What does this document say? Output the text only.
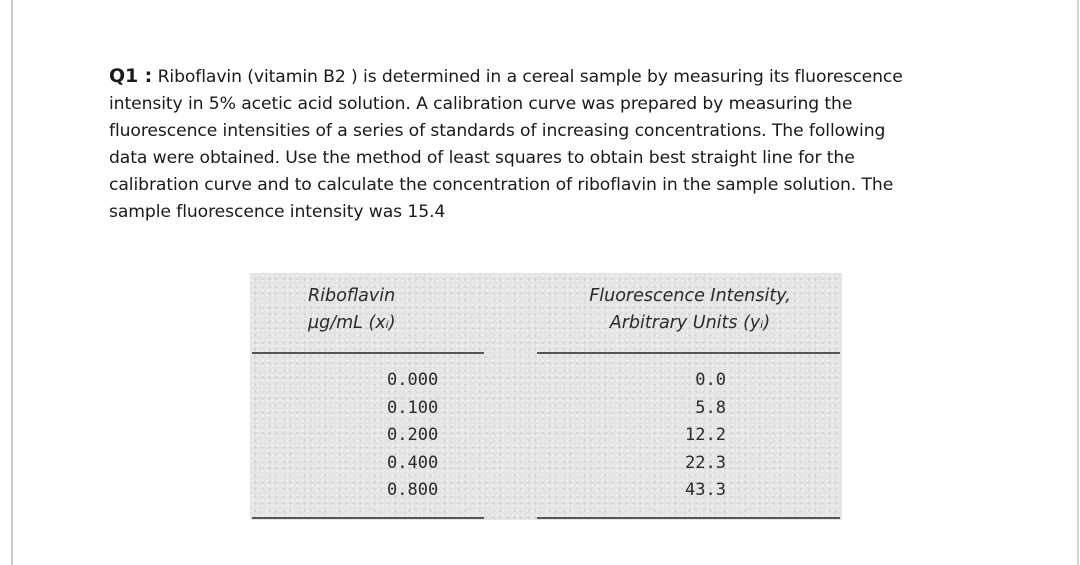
Q1 : Riboflavin (vitamin B2 ) is determined in a cereal sample by measuring its fluorescence
intensity in 5% acetic acid solution. A calibration curve was prepared by measuring the
fluorescence intensities of a series of standards of increasing concentrations. The following
data were obtained. Use the method of least squares to obtain best straight line for the
calibration curve and to calculate the concentration of riboflavin in the sample solution. The
sample fluorescence intensity was 15.4
Riboflavin
µg/mL (xᵢ)
Fluorescence Intensity,
Arbitrary Units (yᵢ)
0.000
0.100
0.200
0.400
0.800
0.0
5.8
12.2
22.3
43.3
